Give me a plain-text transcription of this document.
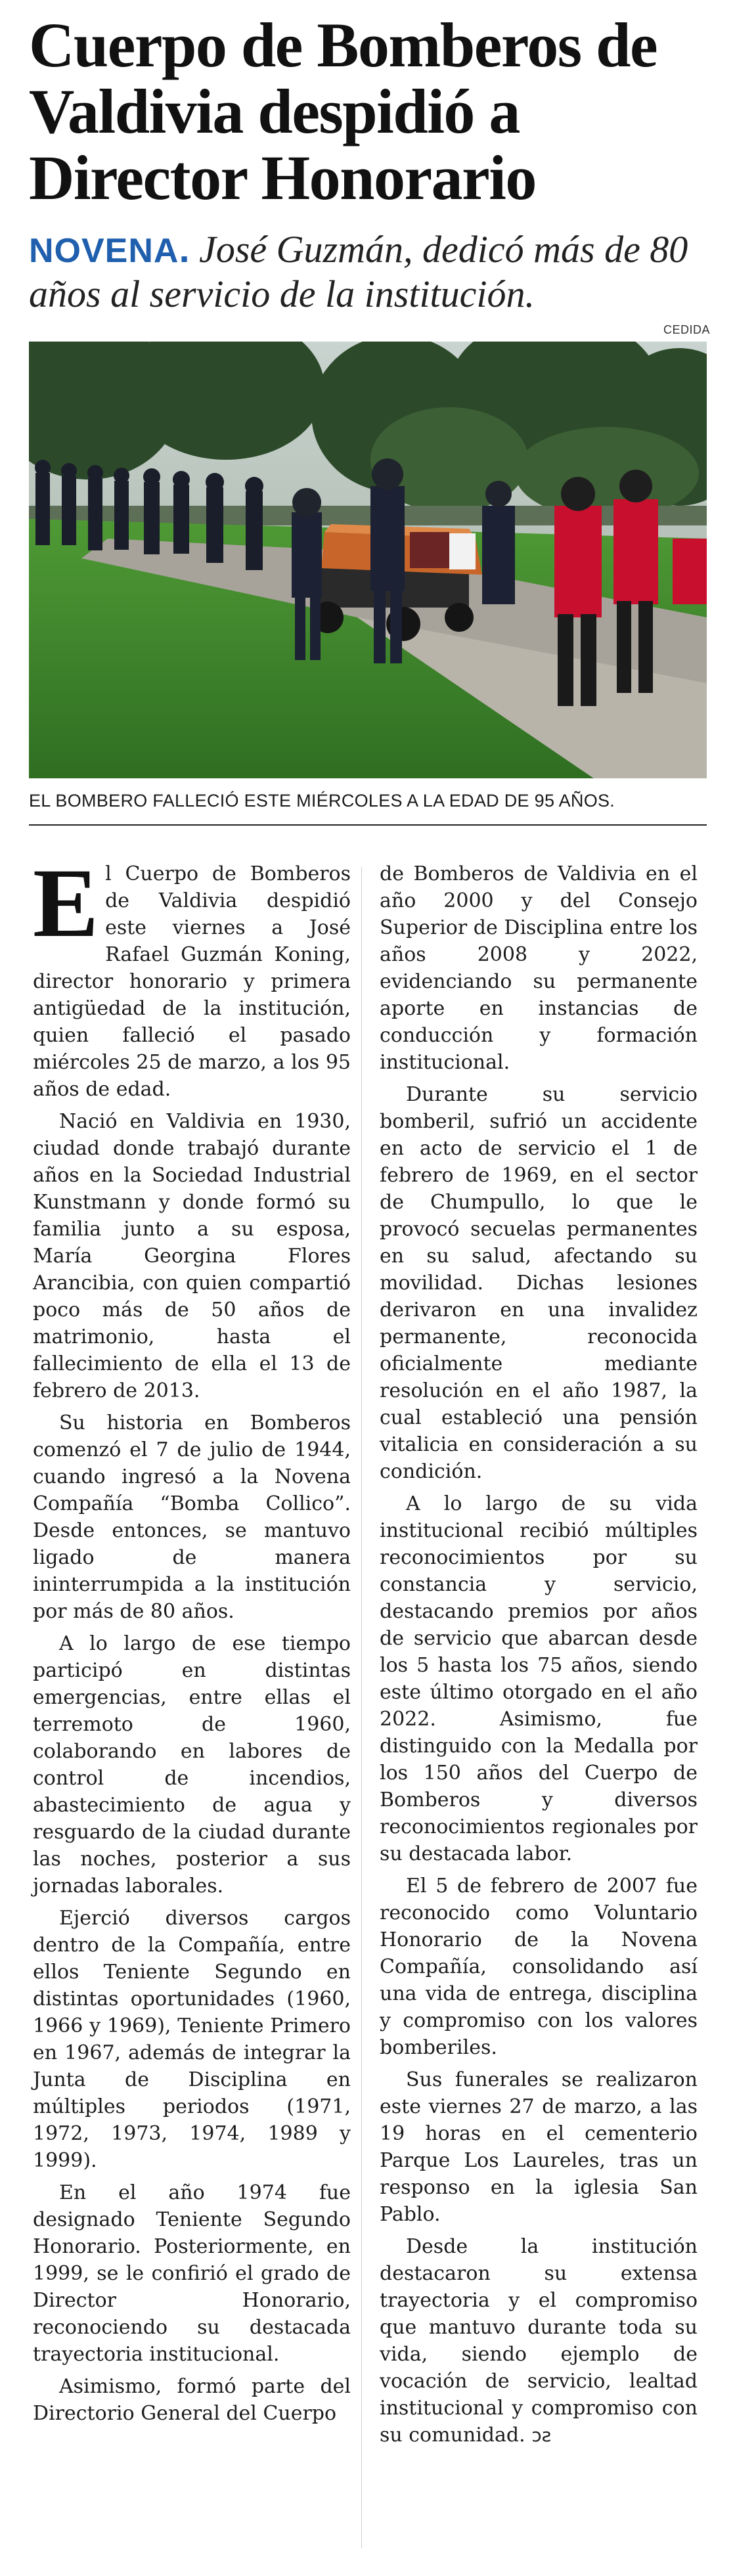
Cuerpo de Bomberos de Valdivia despidió a Director Honorario

NOVENA. José Guzmán, dedicó más de 80 años al servicio de la institución.

CEDIDA

EL BOMBERO FALLECIÓ ESTE MIÉRCOLES A LA EDAD DE 95 AÑOS.

El Cuerpo de Bomberos de Valdivia despidió este viernes a José Rafael Guzmán Koning, director honorario y primera antigüedad de la institución, quien falleció el pasado miércoles 25 de marzo, a los 95 años de edad.

Nació en Valdivia en 1930, ciudad donde trabajó durante años en la Sociedad Industrial Kunstmann y donde formó su familia junto a su esposa, María Georgina Flores Arancibia, con quien compartió poco más de 50 años de matrimonio, hasta el fallecimiento de ella el 13 de febrero de 2013.

Su historia en Bomberos comenzó el 7 de julio de 1944, cuando ingresó a la Novena Compañía “Bomba Collico”. Desde entonces, se mantuvo ligado de manera ininterrumpida a la institución por más de 80 años.

A lo largo de ese tiempo participó en distintas emergencias, entre ellas el terremoto de 1960, colaborando en labores de control de incendios, abastecimiento de agua y resguardo de la ciudad durante las noches, posterior a sus jornadas laborales.

Ejerció diversos cargos dentro de la Compañía, entre ellos Teniente Segundo en distintas oportunidades (1960, 1966 y 1969), Teniente Primero en 1967, además de integrar la Junta de Disciplina en múltiples periodos (1971, 1972, 1973, 1974, 1989 y 1999).

En el año 1974 fue designado Teniente Segundo Honorario. Posteriormente, en 1999, se le confirió el grado de Director Honorario, reconociendo su destacada trayectoria institucional.

Asimismo, formó parte del Directorio General del Cuerpo

de Bomberos de Valdivia en el año 2000 y del Consejo Superior de Disciplina entre los años 2008 y 2022, evidenciando su permanente aporte en instancias de conducción y formación institucional.

Durante su servicio bomberil, sufrió un accidente en acto de servicio el 1 de febrero de 1969, en el sector de Chumpullo, lo que le provocó secuelas permanentes en su salud, afectando su movilidad. Dichas lesiones derivaron en una invalidez permanente, reconocida oficialmente mediante resolución en el año 1987, la cual estableció una pensión vitalicia en consideración a su condición.

A lo largo de su vida institucional recibió múltiples reconocimientos por su constancia y servicio, destacando premios por años de servicio que abarcan desde los 5 hasta los 75 años, siendo este último otorgado en el año 2022. Asimismo, fue distinguido con la Medalla por los 150 años del Cuerpo de Bomberos y diversos reconocimientos regionales por su destacada labor.

El 5 de febrero de 2007 fue reconocido como Voluntario Honorario de la Novena Compañía, consolidando así una vida de entrega, disciplina y compromiso con los valores bomberiles.

Sus funerales se realizaron este viernes 27 de marzo, a las 19 horas en el cementerio Parque Los Laureles, tras un responso en la iglesia San Pablo.

Desde la institución destacaron su extensa trayectoria y el compromiso que mantuvo durante toda su vida, siendo ejemplo de vocación de servicio, lealtad institucional y compromiso con su comunidad. ↄƨ
